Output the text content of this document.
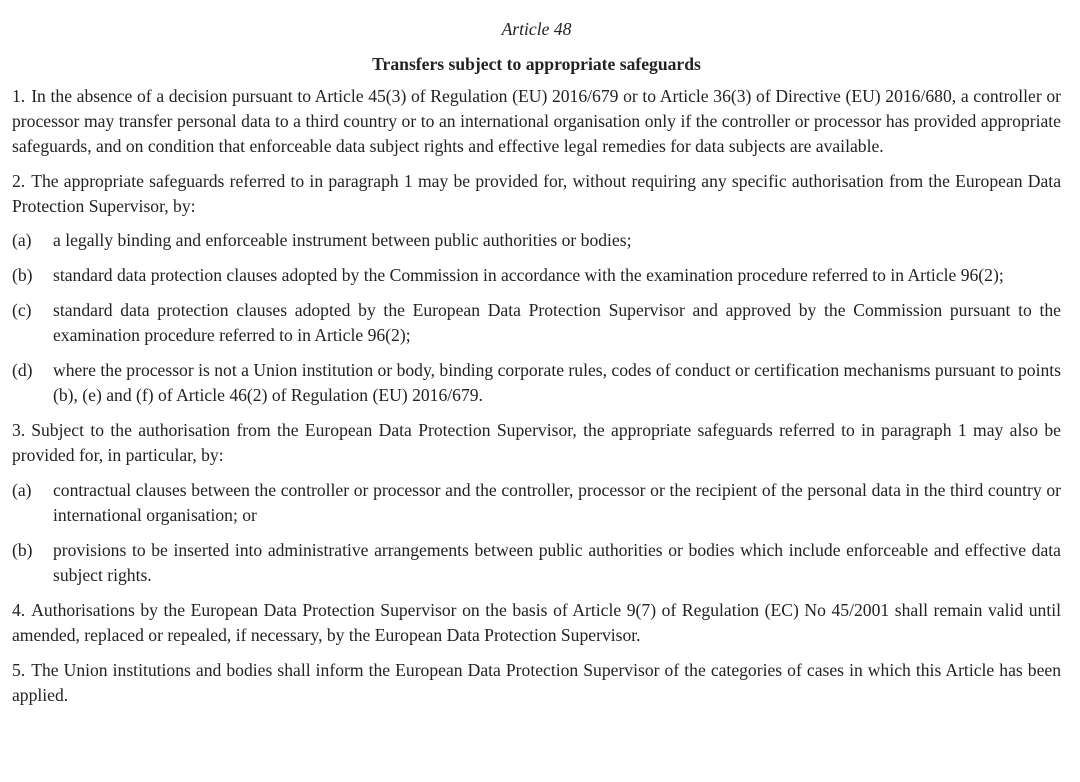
Article 48

Transfers subject to appropriate safeguards

1. In the absence of a decision pursuant to Article 45(3) of Regulation (EU) 2016/679 or to Article 36(3) of Directive (EU) 2016/680, a controller or processor may transfer personal data to a third country or to an international organisation only if the controller or processor has provided appropriate safeguards, and on condition that enforceable data subject rights and effective legal remedies for data subjects are available.

2. The appropriate safeguards referred to in paragraph 1 may be provided for, without requiring any specific authorisation from the European Data Protection Supervisor, by:

(a)	a legally binding and enforceable instrument between public authorities or bodies;
(b)	standard data protection clauses adopted by the Commission in accordance with the examination procedure referred to in Article 96(2);
(c)	standard data protection clauses adopted by the European Data Protection Supervisor and approved by the Commission pursuant to the examination procedure referred to in Article 96(2);
(d)	where the processor is not a Union institution or body, binding corporate rules, codes of conduct or certification mechanisms pursuant to points (b), (e) and (f) of Article 46(2) of Regulation (EU) 2016/679.

3. Subject to the authorisation from the European Data Protection Supervisor, the appropriate safeguards referred to in paragraph 1 may also be provided for, in particular, by:

(a)	contractual clauses between the controller or processor and the controller, processor or the recipient of the personal data in the third country or international organisation; or
(b)	provisions to be inserted into administrative arrangements between public authorities or bodies which include enforceable and effective data subject rights.

4. Authorisations by the European Data Protection Supervisor on the basis of Article 9(7) of Regulation (EC) No 45/2001 shall remain valid until amended, replaced or repealed, if necessary, by the European Data Protection Supervisor.

5. The Union institutions and bodies shall inform the European Data Protection Supervisor of the categories of cases in which this Article has been applied.
